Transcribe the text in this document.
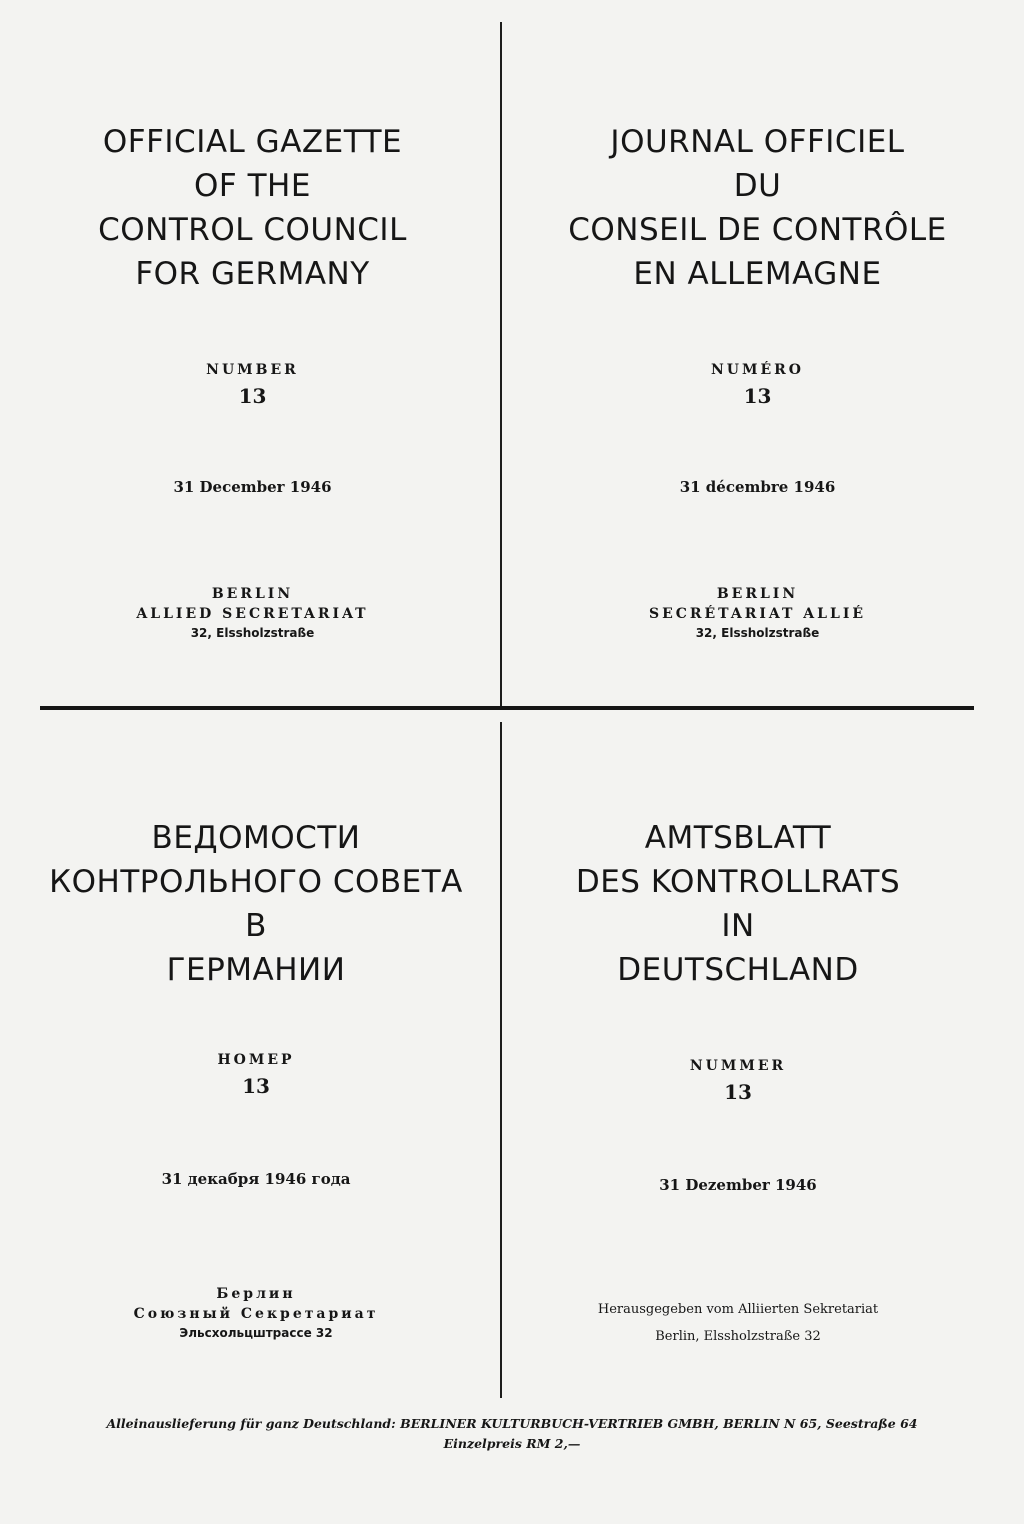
OFFICIAL GAZETTE
OF THE
CONTROL COUNCIL
FOR GERMANY
NUMBER
13
31 December 1946
BERLIN
ALLIED SECRETARIAT
32, Elssholzstraße
JOURNAL OFFICIEL
DU
CONSEIL DE CONTRÔLE
EN ALLEMAGNE
NUMÉRO
13
31 décembre 1946
BERLIN
SECRÉTARIAT ALLIÉ
32, Elssholzstraße
ВЕДОМОСТИ
КОНТРОЛЬНОГО СОВЕТА
В
ГЕРМАНИИ
НОМЕР
13
31 декабря 1946 года
Берлин
Союзный Секретариат
Эльсхольцштрассе 32
AMTSBLATT
DES KONTROLLRATS
IN
DEUTSCHLAND
NUMMER
13
31 Dezember 1946
Herausgegeben vom Alliierten Sekretariat
Berlin, Elssholzstraße 32
Alleinauslieferung für ganz Deutschland: BERLINER KULTURBUCH-VERTRIEB GMBH, BERLIN N 65, Seestraße 64
Einzelpreis RM 2,—
